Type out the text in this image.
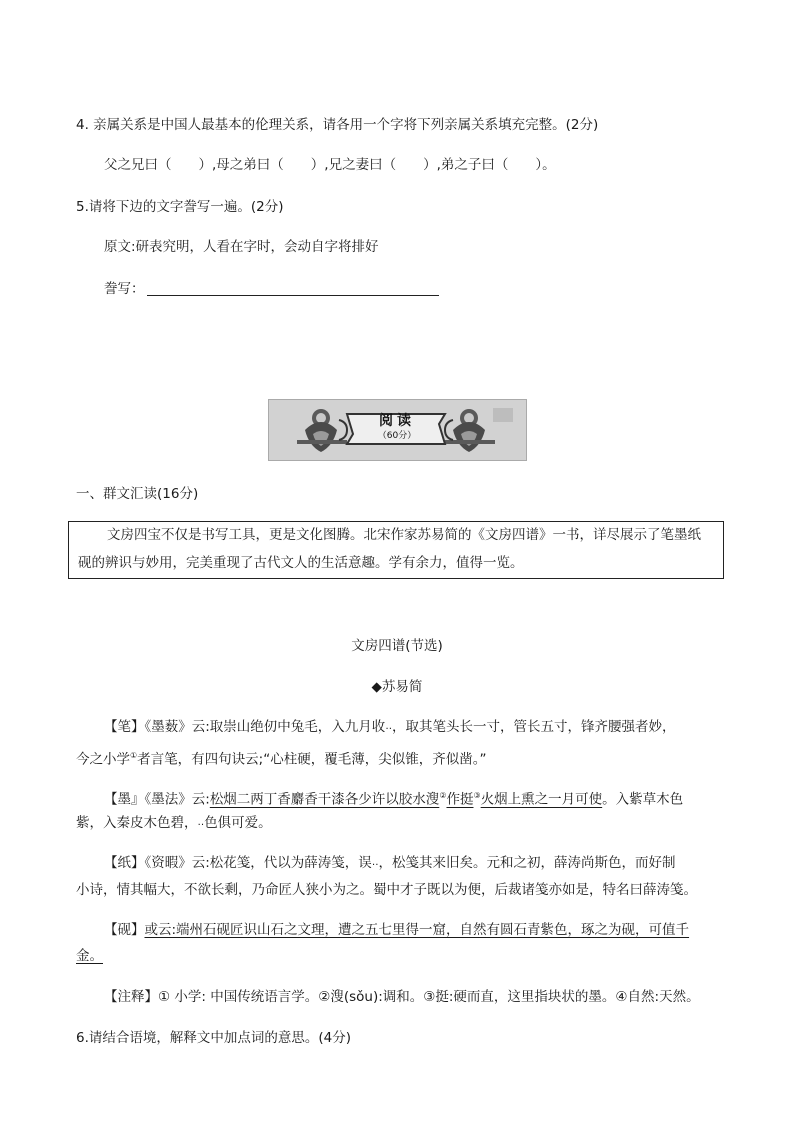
4. 亲属关系是中国人最基本的伦理关系，请各用一个字将下列亲属关系填充完整。(2分)
父之兄曰（　　）,母之弟曰（　　）,兄之妻曰（　　）,弟之子曰（　　）。
5.请将下边的文字誊写一遍。(2分)
原文:研表究明，人看在字时，会动自字将排好
誊写：
阅读
（60分）
一、群文汇读(16分)

文房四宝不仅是书写工具，更是文化图腾。北宋作家苏易简的《文房四谱》一书，详尽展示了笔墨纸

砚的辨识与妙用，完美重现了古代文人的生活意趣。学有余力，值得一览。

文房四谱(节选)
◆苏易简
【笔】《墨薮》云:取崇山绝仞中兔毛，入九月收‥，取其笔头长一寸，管长五寸，锋齐腰强者妙，
今之小学①者言笔，有四句诀云;“心柱硬，覆毛薄，尖似锥，齐似凿。”
【墨』《墨法》云:松烟二两丁香麝香干漆各少许以胶水溲②作挺③火烟上熏之一月可使。入紫草木色
紫，入秦皮木色碧，‥色俱可爱。
【纸】《资暇》云:松花笺，代以为薛涛笺，误‥，松笺其来旧矣。元和之初，薛涛尚斯色，而好制
小诗，情其幅大，不欲长剩，乃命匠人狭小为之。蜀中才子既以为便，后裁诸笺亦如是，特名曰薛涛笺。
【砚】或云:端州石砚匠识山石之文理，遭之五七里得一窟，自然有圆石青紫色，琢之为砚，可值千
金。
【注释】① 小学: 中国传统语言学。②溲(sǒu):调和。③挺:硬而直，这里指块状的墨。④自然:天然。
6.请结合语境，解释文中加点词的意思。(4分)
